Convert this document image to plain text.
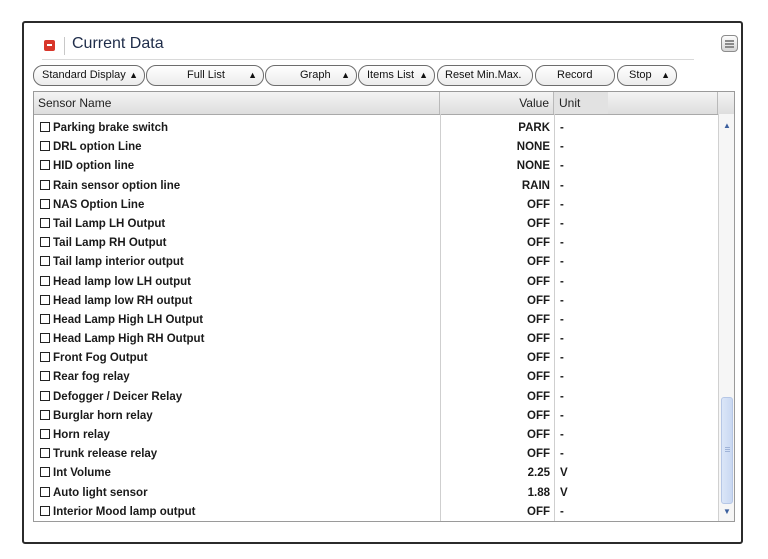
Current Data
Standard Display ▲︎	Full List	▲︎	Graph ▲︎ Items List ▲︎ Reset Min.Max.	Record	Stop ▲︎
Sensor Name	Value Unit
Parking brake switch	PARK -
DRL option Line	NONE -
HID option line	NONE -
Rain sensor option line	RAIN -
NAS Option Line	OFF -
Tail Lamp LH Output	OFF -
Tail Lamp RH Output	OFF -
Tail lamp interior output	OFF -
Head lamp low LH output	OFF -
Head lamp low RH output	OFF -
Head Lamp High LH Output	OFF -
Head Lamp High RH Output	OFF -
Front Fog Output	OFF -
Rear fog relay	OFF -
Defogger / Deicer Relay	OFF -
Burglar horn relay	OFF -
Horn relay	OFF -
Trunk release relay	OFF -
Int Volume	2.25 V
Auto light sensor	1.88 V
Interior Mood lamp output	OFF -
▲︎
▼︎
